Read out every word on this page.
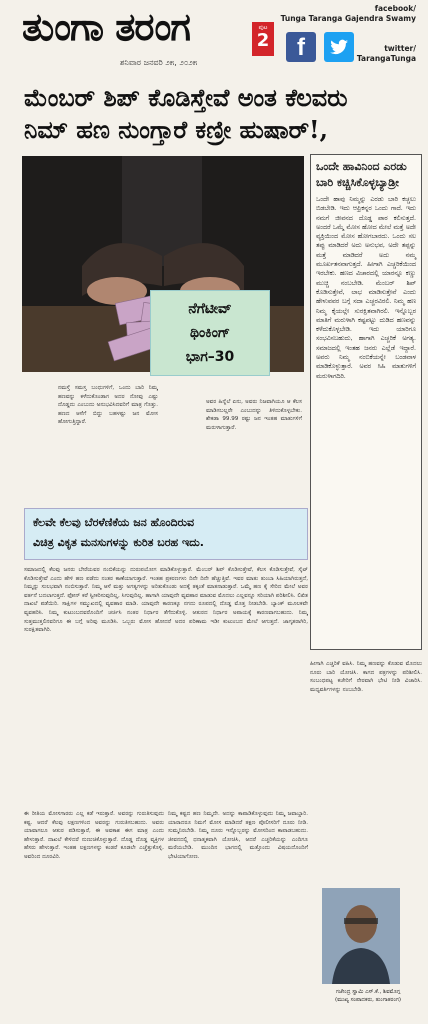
ತುಂಗಾ ತರಂಗ
ಶನಿವಾರ ಜನವರಿ ೨೫, ೨೦೨೫
ಪುಟ
2
facebook/
Tunga Taranga Gajendra Swamy
f	twitter/
TarangaTunga
ಮೆಂಬರ್ ಶಿಪ್ ಕೊಡಿಸ್ತೇವೆ ಅಂತ ಕೆಲವರು
ನಿಮ್ ಹಣ ನುಂಗ್ತಾರೆ ಕಣ್ರೀ ಹುಷಾರ್!,
ನೆಗೆಟೀವ್
ಥಿಂಕಿಂಗ್
ಭಾಗ–30
ಒಂದೇ ಹಾವಿನಿಂದ ಎರಡು ಬಾರಿ ಕಚ್ಚಿಸಿಕೊಳ್ಳಬ್ಯಾಡ್ರೀ

ಒಂದೇ ಹಾವು ನಿಮ್ಮನ್ನು ಎರಡು ಬಾರಿ ಕಚ್ಚಲು ಬಿಡಬೇಡಿ. ಇದು ಆಫ್ರಿಕನ್ನರ ಒಂದು ಗಾದೆ. ಇದು ನಮಗೆ ಜೀವನದ ದೊಡ್ಡ ಪಾಠ ಕಲಿಸುತ್ತದೆ. ಅಂದರೆ ಒಮ್ಮೆ ಮೋಸ ಹೋದ ಮೇಲೆ ಮತ್ತೆ ಅದೇ ವ್ಯಕ್ತಿಯಿಂದ ಮೋಸ ಹೋಗಬಾರದು. ಒಂದು ಸಲ ತಪ್ಪು ಮಾಡಿದರೆ ಅದು ಅನುಭವ, ಅದೇ ತಪ್ಪನ್ನು ಮತ್ತೆ ಮಾಡಿದರೆ ಅದು ನಮ್ಮ ಮೂರ್ಖತನವಾಗುತ್ತದೆ. ಹೀಗಾಗಿ ಎಚ್ಚರಿಕೆಯಿಂದ ಇರಬೇಕು. ಹಣದ ವಿಚಾರದಲ್ಲಿ ಯಾರನ್ನೂ ಕಣ್ಣು ಮುಚ್ಚಿ ನಂಬಬೇಡಿ. ಮೆಂಬರ್ ಶಿಪ್ ಕೊಡಿಸುತ್ತೇವೆ, ಲಾಭ ಮಾಡಿಸುತ್ತೇವೆ ಎಂದು ಹೇಳುವವರ ಬಗ್ಗೆ ಸದಾ ಎಚ್ಚರವಿರಲಿ. ನಿಮ್ಮ ಹಣ ನಿಮ್ಮ ಕೈಯಲ್ಲೇ ಸುರಕ್ಷಿತವಾಗಿರಲಿ. ಇನ್ನೊಬ್ಬರ ಮಾತಿಗೆ ಮರುಳಾಗಿ ಕಷ್ಟಪಟ್ಟು ದುಡಿದ ಹಣವನ್ನು ಕಳೆದುಕೊಳ್ಳಬೇಡಿ. ಇದು ಯಾರಿಗೂ ಸಂಭವಿಸಬಹುದು, ಹಾಗಾಗಿ ಎಚ್ಚರಿಕೆ ಅಗತ್ಯ. ಸಮಾಜದಲ್ಲಿ ಇಂತಹ ಜನರು ಎಲ್ಲೆಡೆ ಇದ್ದಾರೆ. ಅವರು ನಿಮ್ಮ ನಂಬಿಕೆಯನ್ನೇ ಬಂಡವಾಳ ಮಾಡಿಕೊಳ್ಳುತ್ತಾರೆ. ಅವರ ಸಿಹಿ ಮಾತುಗಳಿಗೆ ಮರುಳಾಗದಿರಿ.

ನಮಸ್ತೆ ಸಮಸ್ತ ಬಂಧುಗಳಿಗೆ, ಒಂದು ಬಾರಿ ನಿಮ್ಮ ಹಣವನ್ನು ಕಳೆದುಕೊಂಡಾಗ ಅದರ ನೋವು ಎಷ್ಟು ದೊಡ್ಡದು ಎಂಬುದು ಅನುಭವಿಸಿದವರಿಗೆ ಮಾತ್ರ ಗೊತ್ತು. ಹಣದ ಆಸೆಗೆ ಬಿದ್ದು ಬಹಳಷ್ಟು ಜನ ಮೋಸ ಹೋಗುತ್ತಿದ್ದಾರೆ.
ಅವರ ಹಿನ್ನೆಲೆ ಏನು, ಅವರು ನಿಜವಾಗಿಯೂ ಆ ಕೆಲಸ ಮಾಡಿಸಬಲ್ಲರೇ ಎಂಬುದನ್ನು ತಿಳಿದುಕೊಳ್ಳಬೇಕು. ಶೇಕಡಾ 99.99 ರಷ್ಟು ಜನ ಇಂತಹ ಮಾತುಗಳಿಗೆ ಮರುಳಾಗುತ್ತಾರೆ.
ಕೆಲವೇ ಕೆಲವು ಬೆರಳೆಣಿಕೆಯ ಜನ ಹೊಂದಿರುವ
ವಿಚಿತ್ರ ವಿಕೃತ ಮನಸುಗಳನ್ನು ಕುರಿತ ಬರಹ ಇದು.
ಸಮಾಜದಲ್ಲಿ ಕೆಲವು ಜನರು ಬೇರೆಯವರ ನಂಬಿಕೆಯನ್ನು ದುರುಪಯೋಗ ಮಾಡಿಕೊಳ್ಳುತ್ತಾರೆ. ಮೆಂಬರ್ ಶಿಪ್ ಕೊಡಿಸುತ್ತೇವೆ, ಕೆಲಸ ಕೊಡಿಸುತ್ತೇವೆ, ಸೈಟ್ ಕೊಡಿಸುತ್ತೇವೆ ಎಂದು ಹೇಳಿ ಹಣ ಪಡೆದು ನಂತರ ಕಾಣೆಯಾಗುತ್ತಾರೆ. ಇಂತಹ ಪ್ರಕರಣಗಳು ದಿನೇ ದಿನೇ ಹೆಚ್ಚುತ್ತಿವೆ. ಇವರ ಮಾತು ತುಂಬಾ ಸಿಹಿಯಾಗಿರುತ್ತದೆ, ನಿಮ್ಮನ್ನು ಸುಲಭವಾಗಿ ನಂಬಿಸುತ್ತಾರೆ. ನಿಮ್ಮ ಆಸೆ ಮತ್ತು ಅಗತ್ಯಗಳನ್ನು ಅರಿತುಕೊಂಡು ಅದಕ್ಕೆ ತಕ್ಕಂತೆ ಮಾತನಾಡುತ್ತಾರೆ. ಒಮ್ಮೆ ಹಣ ಕೈ ಸೇರಿದ ಮೇಲೆ ಅವರ ವರ್ತನೆ ಬದಲಾಗುತ್ತದೆ. ಫೋನ್ ಕರೆ ಸ್ವೀಕರಿಸುವುದಿಲ್ಲ, ಸಿಗುವುದಿಲ್ಲ. ಹಾಗಾಗಿ ಯಾವುದೇ ವ್ಯವಹಾರ ಮಾಡುವ ಮೊದಲು ಎಲ್ಲವನ್ನೂ ಸರಿಯಾಗಿ ಪರಿಶೀಲಿಸಿ. ಲಿಖಿತ ದಾಖಲೆ ಪಡೆಯಿರಿ. ಸಾಕ್ಷಿಗಳ ಸಮ್ಮುಖದಲ್ಲಿ ವ್ಯವಹಾರ ಮಾಡಿ. ಯಾವುದೇ ಕಾರಣಕ್ಕೂ ನಗದು ರೂಪದಲ್ಲಿ ದೊಡ್ಡ ಮೊತ್ತ ನೀಡಬೇಡಿ. ಬ್ಯಾಂಕ್ ಮೂಲಕವೇ ವ್ಯವಹರಿಸಿ. ನಿಮ್ಮ ಕುಟುಂಬದವರೊಂದಿಗೆ ಚರ್ಚಿಸಿ ನಂತರ ನಿರ್ಧಾರ ತೆಗೆದುಕೊಳ್ಳಿ. ಆತುರದ ನಿರ್ಧಾರ ಅಪಾಯಕ್ಕೆ ಕಾರಣವಾಗಬಹುದು. ನಿಮ್ಮ ಸುತ್ತಮುತ್ತಲಿನವರಿಗೂ ಈ ಬಗ್ಗೆ ಅರಿವು ಮೂಡಿಸಿ. ಒಬ್ಬರು ಮೋಸ ಹೋದರೆ ಅದರ ಪರಿಣಾಮ ಇಡೀ ಕುಟುಂಬದ ಮೇಲೆ ಆಗುತ್ತದೆ. ಜಾಗೃತರಾಗಿರಿ, ಸುರಕ್ಷಿತವಾಗಿರಿ.
ಹೀಗಾಗಿ ಎಚ್ಚರಿಕೆ ವಹಿಸಿ. ನಿಮ್ಮ ಹಣವನ್ನು ಕೊಡುವ ಮೊದಲು ನೂರು ಬಾರಿ ಯೋಚಿಸಿ. ಕಾಗದ ಪತ್ರಗಳನ್ನು ಪರಿಶೀಲಿಸಿ. ಸಂಬಂಧಪಟ್ಟ ಕಚೇರಿಗೆ ನೇರವಾಗಿ ಭೇಟಿ ನೀಡಿ ವಿಚಾರಿಸಿ. ಮಧ್ಯವರ್ತಿಗಳನ್ನು ನಂಬಬೇಡಿ.
ಈ ರೀತಿಯ ಮೋಸಗಾರರು ಎಲ್ಲ ಕಡೆ ಇರುತ್ತಾರೆ. ಅವರನ್ನು ಗುರುತಿಸುವುದು ಕಷ್ಟ. ಆದರೆ ಕೆಲವು ಲಕ್ಷಣಗಳಿಂದ ಅವರನ್ನು ಗುರುತಿಸಬಹುದು. ಅವರು ಯಾವಾಗಲೂ ಆತುರ ಪಡಿಸುತ್ತಾರೆ, ಈ ಅವಕಾಶ ಈಗ ಮಾತ್ರ ಎಂದು ಹೇಳುತ್ತಾರೆ. ದಾಖಲೆ ಕೇಳಿದರೆ ನುಣುಚಿಕೊಳ್ಳುತ್ತಾರೆ. ದೊಡ್ಡ ದೊಡ್ಡ ವ್ಯಕ್ತಿಗಳ ಹೆಸರು ಹೇಳುತ್ತಾರೆ. ಇಂತಹ ಲಕ್ಷಣಗಳನ್ನು ಕಂಡರೆ ಕೂಡಲೇ ಎಚ್ಚೆತ್ತುಕೊಳ್ಳಿ. ಅವರಿಂದ ದೂರವಿರಿ.
ನಿಮ್ಮ ಕಷ್ಟದ ಹಣ ನಿಮ್ಮದೇ. ಅದನ್ನು ಕಾಪಾಡಿಕೊಳ್ಳುವುದು ನಿಮ್ಮ ಜವಾಬ್ದಾರಿ. ಯಾರಾದರೂ ನಿಮಗೆ ಮೋಸ ಮಾಡಿದರೆ ತಕ್ಷಣ ಪೊಲೀಸರಿಗೆ ದೂರು ನೀಡಿ. ಸುಮ್ಮನಿರಬೇಡಿ. ನಿಮ್ಮ ದೂರು ಇನ್ನೊಬ್ಬರನ್ನು ಮೋಸದಿಂದ ಕಾಪಾಡಬಹುದು. ಜೀವನದಲ್ಲಿ ಧನಾತ್ಮಕವಾಗಿ ಯೋಚಿಸಿ, ಆದರೆ ಎಚ್ಚರಿಕೆಯನ್ನು ಎಂದಿಗೂ ಮರೆಯಬೇಡಿ. ಮುಂದಿನ ಭಾಗದಲ್ಲಿ ಮತ್ತೊಂದು ವಿಷಯದೊಂದಿಗೆ ಭೇಟಿಯಾಗೋಣ.
ಗಜೇಂದ್ರ ಸ್ವಾಮಿ ಎಸ್.ಕೆ., ಶಿವಮೊಗ್ಗ
(ಮುಖ್ಯ ಸಂಪಾದಕರು, ತುಂಗಾತರಂಗ)
